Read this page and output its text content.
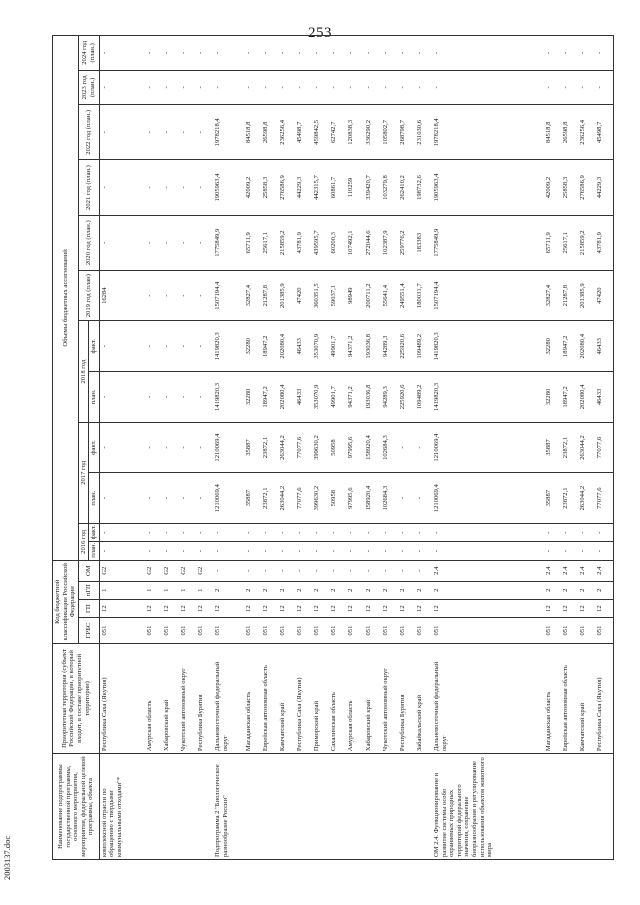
253
2003137.doc
Наименование подпрограммы государственной программы, основного мероприятия, мероприятия, федеральной целевой программы, объекта	Приоритетная территория (субъект Российской Федерации, в который входит, в составе приоритетной территории)	Код бюджетной классификации Российской Федерации				Объемы бюджетных ассигнований											
		ГРБС	ГП	пГП	ОМ	2016 год		2017 год		2018 год		2019 год (план)	2020 год (план.)	2021 год (план.)	2022 год (план.)	2023 год (план.)	2024 год (план.)
						план.	факт.	план.	факт.	план.	факт.						
комплексной отрасли по обращению с твердыми коммунальными отходами"*	Республика Саха (Якутия)	051	12	1	G2	-	-	-	-	-	-	16284	-	-	-	-	-
	Амурская область	051	12	1	G2	-	-	-	-	-	-	-	-	-	-	-	-
	Хабаровский край	051	12	1	G2	-	-	-	-	-	-	-	-	-	-	-	-
	Чукотский автономный округ	051	12	1	G2	-	-	-	-	-	-	-	-	-	-	-	-
	Республика Бурятия	051	12	1	G2	-	-	-	-	-	-	-	-	-	-	-	-
Подпрограмма 2 "Биологическое разнообразие России"	Дальневосточный федеральный округ	051	12	2	-	-	-	1210069,4	1210069,4	1419820,3	1419820,3	1507194,4	1775849,9	1905963,4	1978218,4	-	-
	Магаданская область	051	12	2	-	-	-	35887	35887	32280	32280	32827,4	65711,9	42009,2	84518,8	-	-
	Еврейская автономная область	051	12	2	-	-	-	23872,1	23872,1	18947,2	18947,2	21287,8	25617,1	25858,3	26598,8	-	-
	Камчатский край	051	12	2	-	-	-	263044,2	263044,2	202080,4	202080,4	201385,9	215859,2	276586,9	236256,4	-	-
	Республика Саха (Якутия)	051	12	2	-	-	-	77077,6	77077,6	46433	46433	47420	43781,9	44229,3	45498,7	-	-
	Приморский край	051	12	2	-	-	-	399630,2	399630,2	353070,9	353070,9	360351,5	439595,7	442315,7	459842,5	-	-
	Сахалинская область	051	12	2	-	-	-	50958	50958	49901,7	49901,7	59037,1	60200,3	60861,7	62742,7	-	-
	Амурская область	051	12	2	-	-	-	97995,6	97995,6	94371,2	94371,2	98949	107492,1	110259	120838,3	-	-
	Хабаровский край	051	12	2	-	-	-	158920,4	158920,4	193036,8	193036,8	200711,2	272044,6	339420,7	336290,2	-	-
	Чукотский автономный округ	051	12	2	-	-	-	102684,3	102684,3	94289,3	94289,3	55641,4	102387,9	103279,8	105802,7	-	-
	Республика Бурятия	051	12	2	-	-	-	-	-	225920,6	225920,6	249551,4	259776,2	262410,2	268798,7	-	-
	Забайкальский край	051	12	2	-	-	-	-	-	109489,2	109489,2	180031,7	183383	198732,6	231030,6	-	-
ОМ 2.4. Функционирование и развитие системы особо охраняемых природных территорий федерального значения, сохранение биоразнообразия и регулирование использования объектов животного мира	Дальневосточный федеральный округ	051	12	2	2.4	-	-	1210069,4	1210069,4	1419820,3	1419820,3	1507194,4	1775849,9	1905963,4	1978218,4	-	-
	Магаданская область	051	12	2	2.4	-	-	35887	35887	32280	32280	32827,4	65711,9	42009,2	84518,8	-	-
	Еврейская автономная область	051	12	2	2.4	-	-	23872,1	23872,1	18947,2	18947,2	21287,8	25617,1	25858,3	26598,8	-	-
	Камчатский край	051	12	2	2.4	-	-	263044,2	263044,2	202080,4	202080,4	201385,9	215859,2	276586,9	236256,4	-	-
	Республика Саха (Якутия)	051	12	2	2.4	-	-	77077,6	77077,6	46433	46433	47420	43781,9	44229,3	45498,7	-	-
